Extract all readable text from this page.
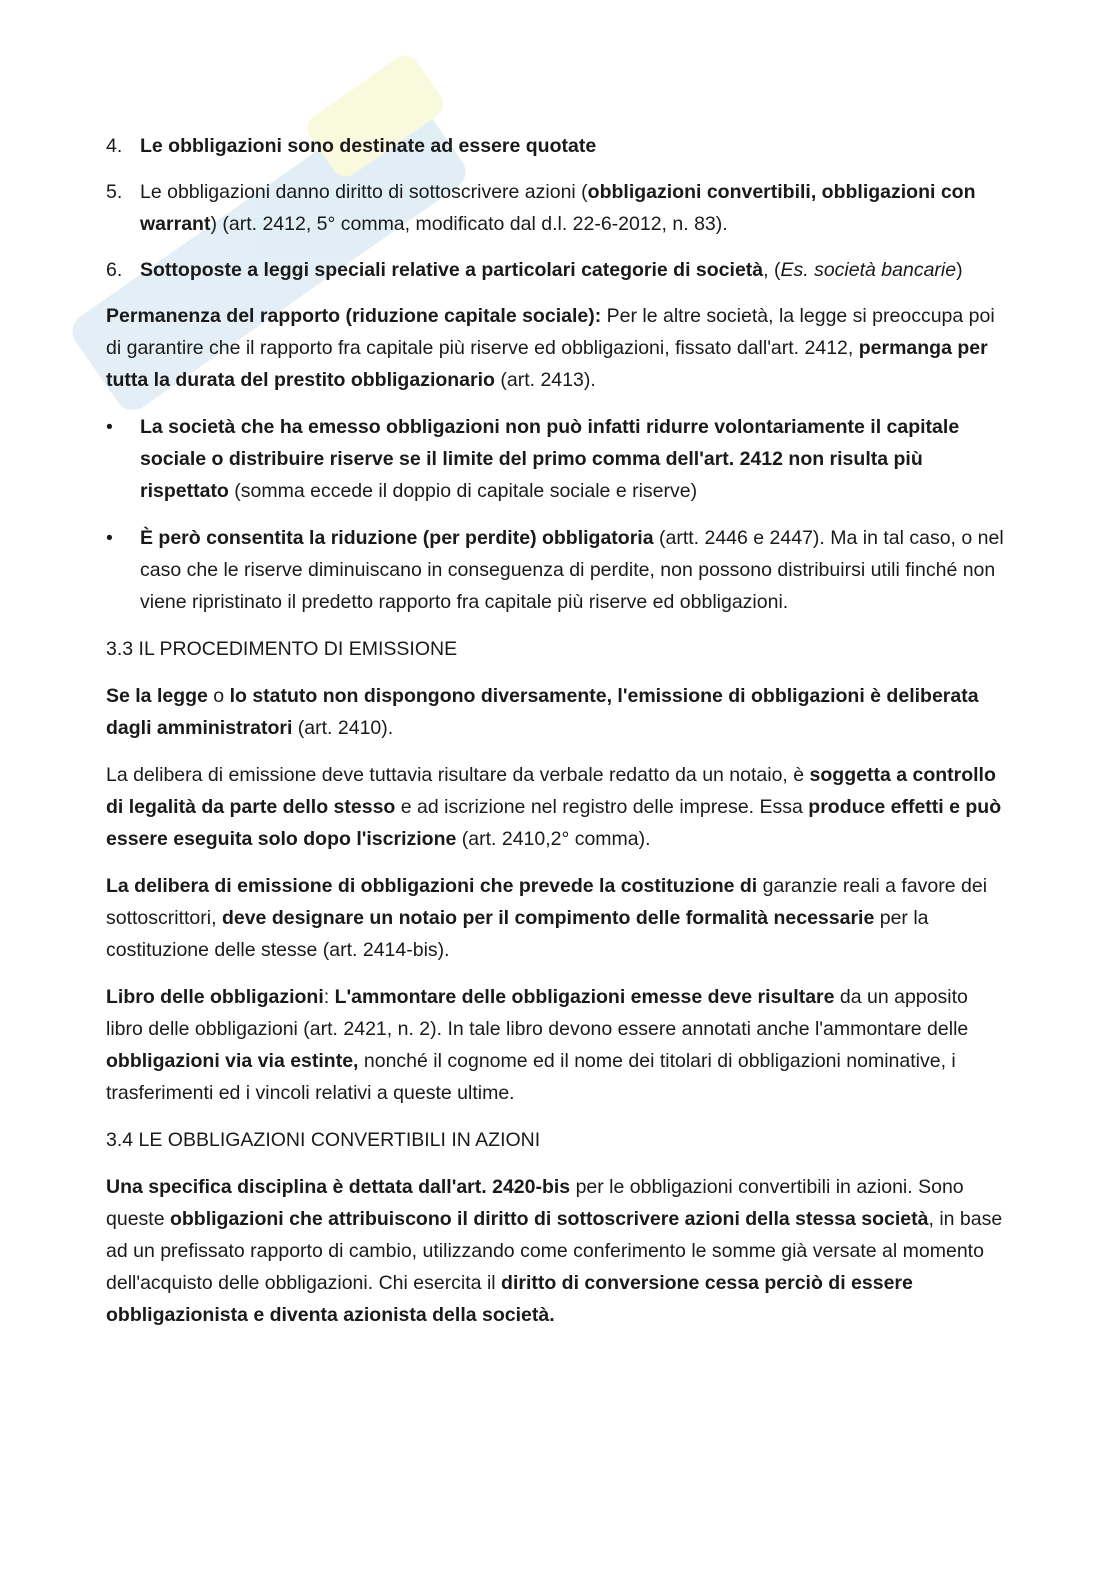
4. Le obbligazioni sono destinate ad essere quotate
5. Le obbligazioni danno diritto di sottoscrivere azioni (obbligazioni convertibili, obbligazioni con warrant) (art. 2412, 5° comma, modificato dal d.l. 22-6-2012, n. 83).
6. Sottoposte a leggi speciali relative a particolari categorie di società, (Es. società bancarie)

Permanenza del rapporto (riduzione capitale sociale): Per le altre società, la legge si preoccupa poi di garantire che il rapporto fra capitale più riserve ed obbligazioni, fissato dall'art. 2412, permanga per tutta la durata del prestito obbligazionario (art. 2413).

• La società che ha emesso obbligazioni non può infatti ridurre volontariamente il capitale sociale o distribuire riserve se il limite del primo comma dell'art. 2412 non risulta più rispettato (somma eccede il doppio di capitale sociale e riserve)
• È però consentita la riduzione (per perdite) obbligatoria (artt. 2446 e 2447). Ma in tal caso, o nel caso che le riserve diminuiscano in conseguenza di perdite, non possono distribuirsi utili finché non viene ripristinato il predetto rapporto fra capitale più riserve ed obbligazioni.

3.3 IL PROCEDIMENTO DI EMISSIONE

Se la legge o lo statuto non dispongono diversamente, l'emissione di obbligazioni è deliberata dagli amministratori (art. 2410).

La delibera di emissione deve tuttavia risultare da verbale redatto da un notaio, è soggetta a controllo di legalità da parte dello stesso e ad iscrizione nel registro delle imprese. Essa produce effetti e può essere eseguita solo dopo l'iscrizione (art. 2410,2° comma).

La delibera di emissione di obbligazioni che prevede la costituzione di garanzie reali a favore dei sottoscrittori, deve designare un notaio per il compimento delle formalità necessarie per la costituzione delle stesse (art. 2414-bis).

Libro delle obbligazioni: L'ammontare delle obbligazioni emesse deve risultare da un apposito libro delle obbligazioni (art. 2421, n. 2). In tale libro devono essere annotati anche l'ammontare delle obbligazioni via via estinte, nonché il cognome ed il nome dei titolari di obbligazioni nominative, i trasferimenti ed i vincoli relativi a queste ultime.

3.4 LE OBBLIGAZIONI CONVERTIBILI IN AZIONI

Una specifica disciplina è dettata dall'art. 2420-bis per le obbligazioni convertibili in azioni. Sono queste obbligazioni che attribuiscono il diritto di sottoscrivere azioni della stessa società, in base ad un prefissato rapporto di cambio, utilizzando come conferimento le somme già versate al momento dell'acquisto delle obbligazioni. Chi esercita il diritto di conversione cessa perciò di essere obbligazionista e diventa azionista della società.
